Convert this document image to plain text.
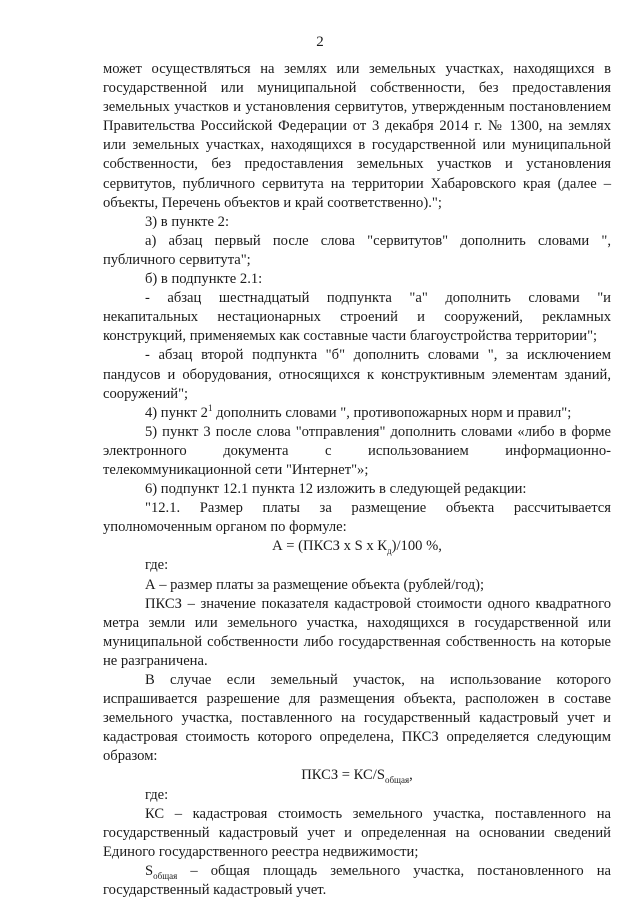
2

может осуществляться на землях или земельных участках, находящихся в государственной или муниципальной собственности, без предоставления земельных участков и установления сервитутов, утвержденным постановлением Правительства Российской Федерации от 3 декабря 2014 г. № 1300, на землях или земельных участках, находящихся в государственной или муниципальной собственности, без предоставления земельных участков и установления сервитутов, публичного сервитута на территории Хабаровского края (далее – объекты, Перечень объектов и край соответственно).";

3) в пункте 2:

а) абзац первый после слова "сервитутов" дополнить словами ", публичного сервитута";

б) в подпункте 2.1:

- абзац шестнадцатый подпункта "а" дополнить словами "и некапитальных нестационарных строений и сооружений, рекламных конструкций, применяемых как составные части благоустройства территории";

- абзац второй подпункта "б" дополнить словами ", за исключением пандусов и оборудования, относящихся к конструктивным элементам зданий, сооружений";

4) пункт $2^1$ дополнить словами ", противопожарных норм и правил";

5) пункт 3 после слова "отправления" дополнить словами «либо в форме электронного документа с использованием информационно-телекоммуникационной сети "Интернет"»;

6) подпункт 12.1 пункта 12 изложить в следующей редакции:

"12.1. Размер платы за размещение объекта рассчитывается уполномоченным органом по формуле:

А = (ПКСЗ х S х $К_д)/100$ %,

где:

А – размер платы за размещение объекта (рублей/год);

ПКСЗ – значение показателя кадастровой стоимости одного квадратного метра земли или земельного участка, находящихся в государственной или муниципальной собственности либо государственная собственность на которые не разграничена.

В случае если земельный участок, на использование которого испрашивается разрешение для размещения объекта, расположен в составе земельного участка, поставленного на государственный кадастровый учет и кадастровая стоимость которого определена, ПКСЗ определяется следующим образом:

ПКСЗ = $КС/S_{общая}$,

где:

КС – кадастровая стоимость земельного участка, поставленного на государственный кадастровый учет и определенная на основании сведений Единого государственного реестра недвижимости;

$S_{общая}$ – общая площадь земельного участка, постановленного на государственный кадастровый учет.
